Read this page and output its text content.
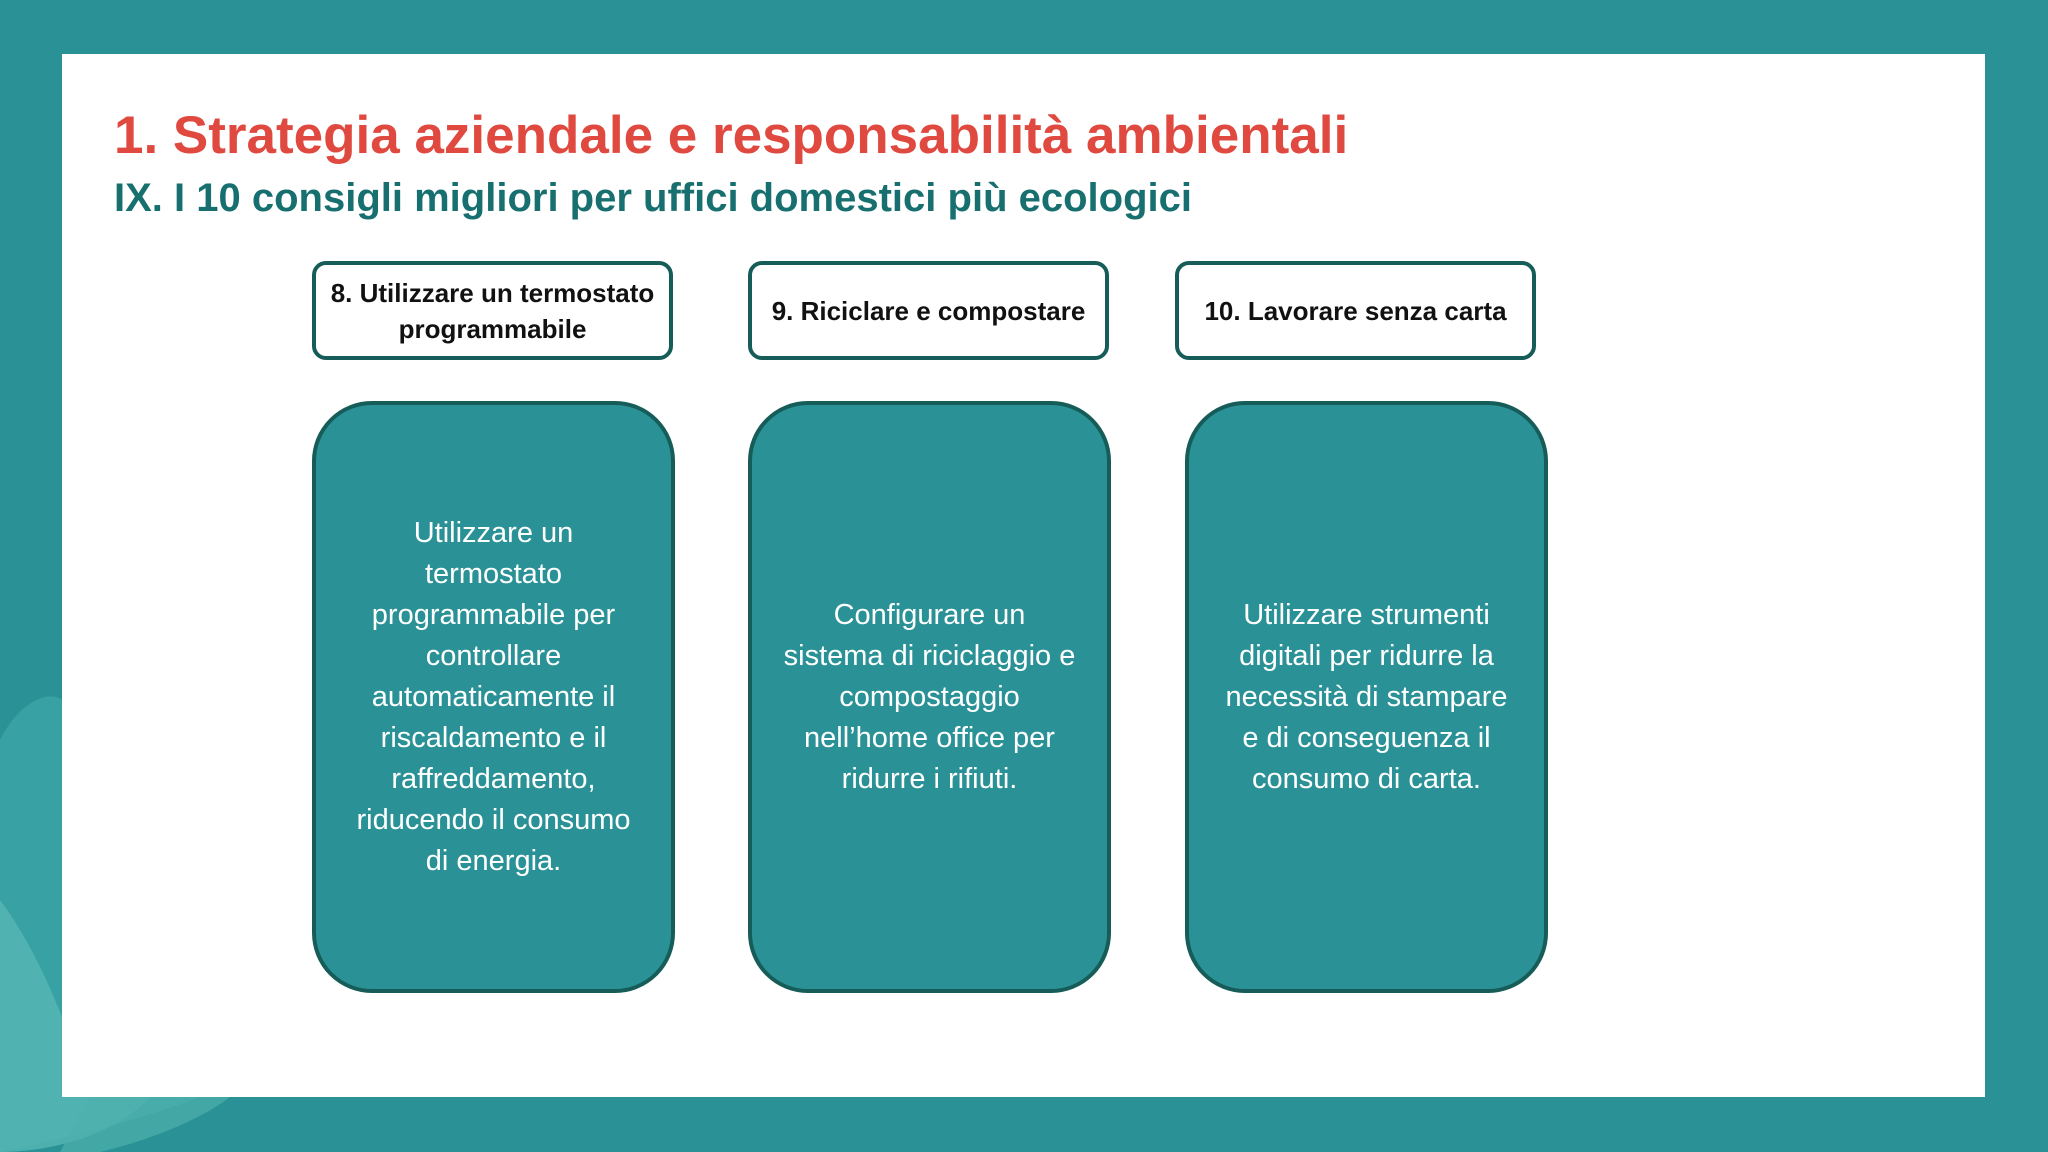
1. Strategia aziendale e responsabilità ambientali
IX. I 10 consigli migliori per uffici domestici più ecologici
8. Utilizzare un termostato programmabile
9. Riciclare e compostare	10. Lavorare senza carta
Utilizzare un termostato programmabile per controllare automaticamente il riscaldamento e il raffreddamento, riducendo il consumo di energia.
Configurare un sistema di riciclaggio e compostaggio nell’home office per ridurre i rifiuti.
Utilizzare strumenti digitali per ridurre la necessità di stampare e di conseguenza il consumo di carta.
